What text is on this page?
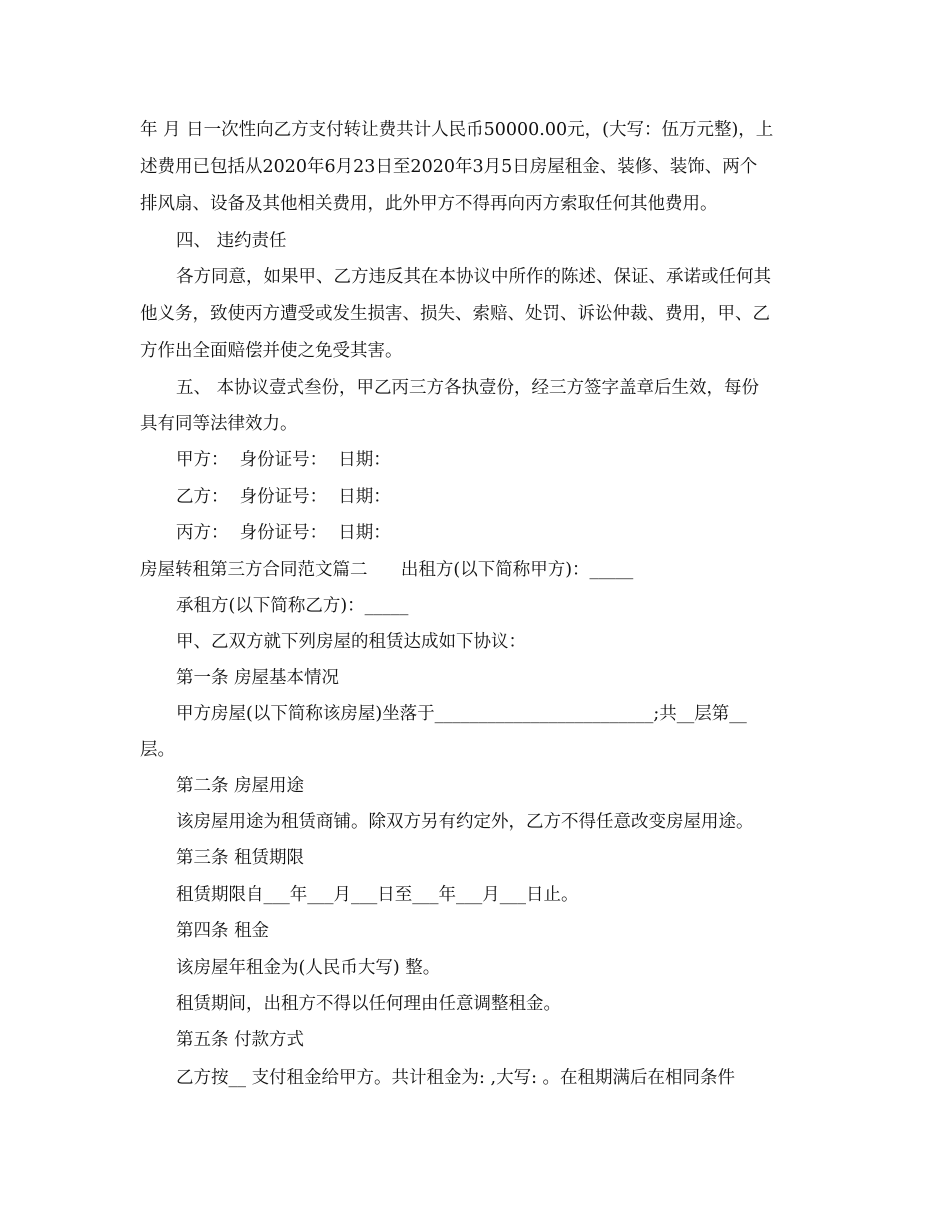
年 月 日一次性向乙方支付转让费共计人民币50000.00元，(大写：伍万元整)，上
述费用已包括从2020年6月23日至2020年3月5日房屋租金、装修、装饰、两个
排风扇、设备及其他相关费用，此外甲方不得再向丙方索取任何其他费用。
四、 违约责任
各方同意，如果甲、乙方违反其在本协议中所作的陈述、保证、承诺或任何其
他义务，致使丙方遭受或发生损害、损失、索赔、处罚、诉讼仲裁、费用，甲、乙
方作出全面赔偿并使之免受其害。
五、 本协议壹式叁份，甲乙丙三方各执壹份，经三方签字盖章后生效，每份
具有同等法律效力。
甲方：  身份证号：  日期：
乙方：  身份证号：  日期：
丙方：  身份证号：  日期：
房屋转租第三方合同范文篇二      出租方(以下简称甲方)：_____
承租方(以下简称乙方)：_____
甲、乙双方就下列房屋的租赁达成如下协议：
第一条 房屋基本情况
甲方房屋(以下简称该房屋)坐落于_________________________;共__层第__
层。
第二条 房屋用途
该房屋用途为租赁商铺。除双方另有约定外，乙方不得任意改变房屋用途。
第三条 租赁期限
租赁期限自___年___月___日至___年___月___日止。
第四条 租金
该房屋年租金为(人民币大写) 整。
租赁期间，出租方不得以任何理由任意调整租金。
第五条 付款方式
乙方按__ 支付租金给甲方。共计租金为: ,大写: 。在租期满后在相同条件
